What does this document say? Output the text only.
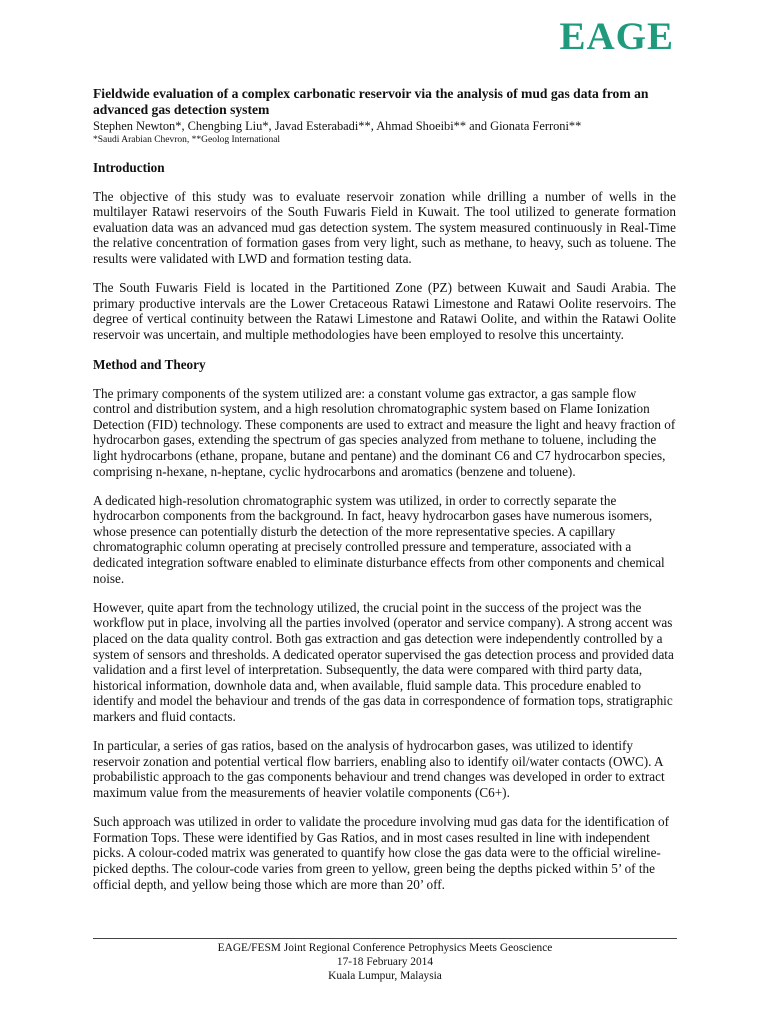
EAGE

Fieldwide evaluation of a complex carbonatic reservoir via the analysis of mud gas data from an advanced gas detection system

Stephen Newton*, Chengbing Liu*, Javad Esterabadi**, Ahmad Shoeibi** and Gionata Ferroni**

*Saudi Arabian Chevron, **Geolog International

Introduction

The objective of this study was to evaluate reservoir zonation while drilling a number of wells in the multilayer Ratawi reservoirs of the South Fuwaris Field in Kuwait. The tool utilized to generate formation evaluation data was an advanced mud gas detection system. The system measured continuously in Real-Time the relative concentration of formation gases from very light, such as methane, to heavy, such as toluene. The results were validated with LWD and formation testing data.

The South Fuwaris Field is located in the Partitioned Zone (PZ) between Kuwait and Saudi Arabia. The primary productive intervals are the Lower Cretaceous Ratawi Limestone and Ratawi Oolite reservoirs. The degree of vertical continuity between the Ratawi Limestone and Ratawi Oolite, and within the Ratawi Oolite reservoir was uncertain, and multiple methodologies have been employed to resolve this uncertainty.

Method and Theory

The primary components of the system utilized are: a constant volume gas extractor, a gas sample flow control and distribution system, and a high resolution chromatographic system based on Flame Ionization Detection (FID) technology. These components are used to extract and measure the light and heavy fraction of hydrocarbon gases, extending the spectrum of gas species analyzed from methane to toluene, including the light hydrocarbons (ethane, propane, butane and pentane) and the dominant C6 and C7 hydrocarbon species, comprising n-hexane, n-heptane, cyclic hydrocarbons and aromatics (benzene and toluene).

A dedicated high-resolution chromatographic system was utilized, in order to correctly separate the hydrocarbon components from the background. In fact, heavy hydrocarbon gases have numerous isomers, whose presence can potentially disturb the detection of the more representative species. A capillary chromatographic column operating at precisely controlled pressure and temperature, associated with a dedicated integration software enabled to eliminate disturbance effects from other components and chemical noise.

However, quite apart from the technology utilized, the crucial point in the success of the project was the workflow put in place, involving all the parties involved (operator and service company). A strong accent was placed on the data quality control. Both gas extraction and gas detection were independently controlled by a system of sensors and thresholds. A dedicated operator supervised the gas detection process and provided data validation and a first level of interpretation. Subsequently, the data were compared with third party data, historical information, downhole data and, when available, fluid sample data. This procedure enabled to identify and model the behaviour and trends of the gas data in correspondence of formation tops, stratigraphic markers and fluid contacts.

In particular, a series of gas ratios, based on the analysis of hydrocarbon gases, was utilized to identify reservoir zonation and potential vertical flow barriers, enabling also to identify oil/water contacts (OWC). A probabilistic approach to the gas components behaviour and trend changes was developed in order to extract maximum value from the measurements of heavier volatile components (C6+).

Such approach was utilized in order to validate the procedure involving mud gas data for the identification of Formation Tops. These were identified by Gas Ratios, and in most cases resulted in line with independent picks. A colour-coded matrix was generated to quantify how close the gas data were to the official wireline-picked depths. The colour-code varies from green to yellow, green being the depths picked within 5’ of the official depth, and yellow being those which are more than 20’ off.

EAGE/FESM Joint Regional Conference Petrophysics Meets Geoscience
17-18 February 2014
Kuala Lumpur, Malaysia
